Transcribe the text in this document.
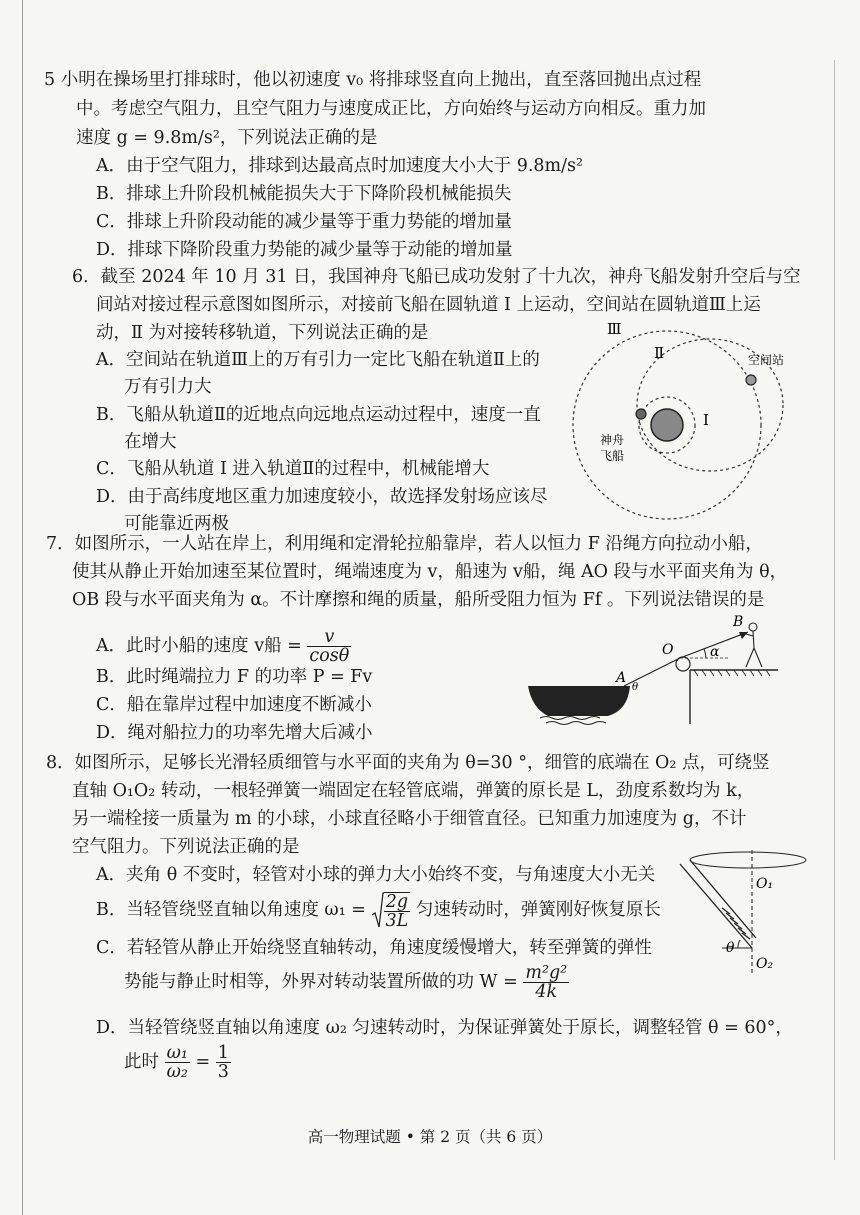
5 小明在操场里打排球时，他以初速度 v₀ 将排球竖直向上抛出，直至落回抛出点过程
中。考虑空气阻力，且空气阻力与速度成正比，方向始终与运动方向相反。重力加
速度 g = 9.8m/s²，下列说法正确的是
A．由于空气阻力，排球到达最高点时加速度大小大于 9.8m/s²
B．排球上升阶段机械能损失大于下降阶段机械能损失
C．排球上升阶段动能的减少量等于重力势能的增加量
D．排球下降阶段重力势能的减少量等于动能的增加量
6．截至 2024 年 10 月 31 日，我国神舟飞船已成功发射了十九次，神舟飞船发射升空后与空
间站对接过程示意图如图所示，对接前飞船在圆轨道 Ⅰ 上运动，空间站在圆轨道Ⅲ上运
动，Ⅱ 为对接转移轨道，下列说法正确的是
A．空间站在轨道Ⅲ上的万有引力一定比飞船在轨道Ⅱ上的
万有引力大
B．飞船从轨道Ⅱ的近地点向远地点运动过程中，速度一直
在增大
C．飞船从轨道 Ⅰ 进入轨道Ⅱ的过程中，机械能增大
D．由于高纬度地区重力加速度较小，故选择发射场应该尽
可能靠近两极
Ⅲ
Ⅱ
Ⅰ
空间站
神舟
飞船
7．如图所示，一人站在岸上，利用绳和定滑轮拉船靠岸，若人以恒力 F 沿绳方向拉动小船，
使其从静止开始加速至某位置时，绳端速度为 v，船速为 v船，绳 AO 段与水平面夹角为 θ，
OB 段与水平面夹角为 α。不计摩擦和绳的质量，船所受阻力恒为 Ff 。下列说法错误的是
A．此时小船的速度 v船 = $\frac{v}{\cos\theta}$
B．此时绳端拉力 F 的功率 P = Fv
C．船在靠岸过程中加速度不断减小
D．绳对船拉力的功率先增大后减小
A
O
B
α
θ
8．如图所示，足够长光滑轻质细管与水平面的夹角为 θ=30 °，细管的底端在 O₂ 点，可绕竖
直轴 O₁O₂ 转动，一根轻弹簧一端固定在轻管底端，弹簧的原长是 L，劲度系数均为 k，
另一端栓接一质量为 m 的小球，小球直径略小于细管直径。已知重力加速度为 g，不计
空气阻力。下列说法正确的是
A．夹角 θ 不变时，轻管对小球的弹力大小始终不变，与角速度大小无关
B．当轻管绕竖直轴以角速度 $\omega_1 = \frac{2g}{3L}$ 匀速转动时，弹簧刚好恢复原长
C．若轻管从静止开始绕竖直轴转动，角速度缓慢增大，转至弹簧的弹性
势能与静止时相等，外界对转动装置所做的功 $W = \frac{\text{m²g²}}{4k}$
D．当轻管绕竖直轴以角速度 ω₂ 匀速转动时，为保证弹簧处于原长，调整轻管 θ = 60°，
此时 $\frac{\text{ω₁}}{\text{ω₂}} = \frac{1}{3}$
O₁
O₂
θ
高一物理试题 • 第 2 页（共 6 页）
